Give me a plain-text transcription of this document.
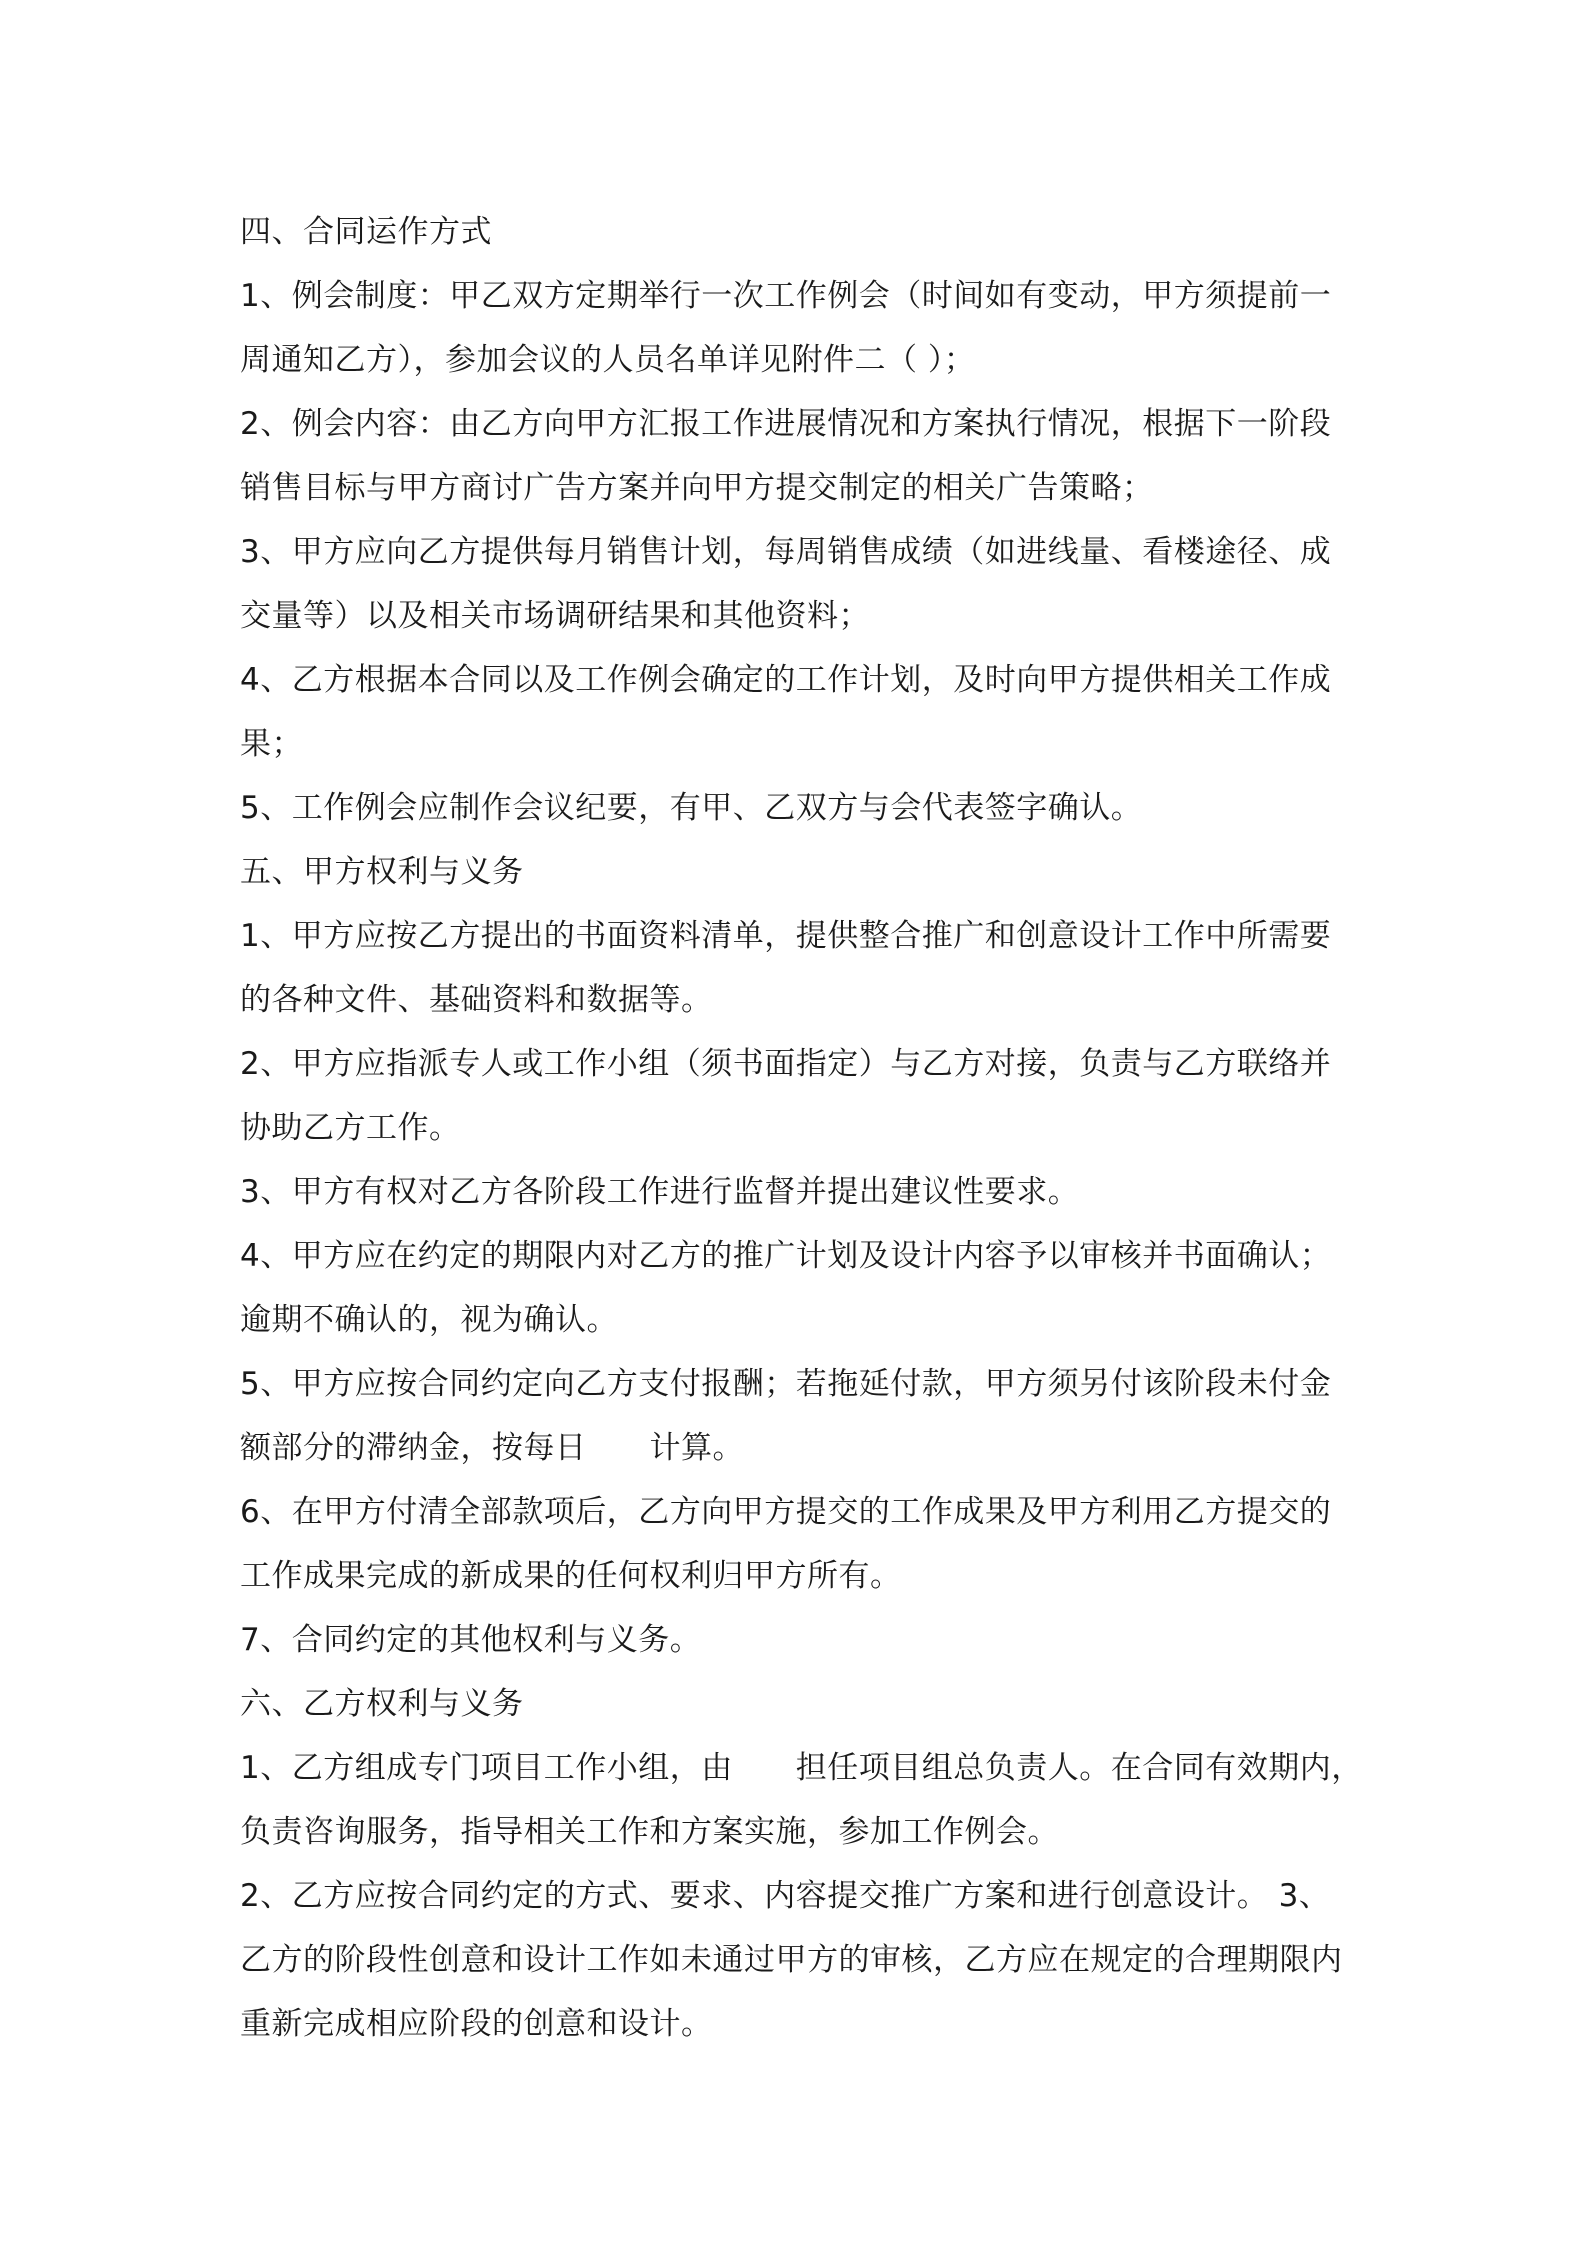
四、合同运作方式
1、例会制度：甲乙双方定期举行一次工作例会（时间如有变动，甲方须提前一
周通知乙方），参加会议的人员名单详见附件二（ ）；
2、例会内容：由乙方向甲方汇报工作进展情况和方案执行情况，根据下一阶段
销售目标与甲方商讨广告方案并向甲方提交制定的相关广告策略；
3、甲方应向乙方提供每月销售计划，每周销售成绩（如进线量、看楼途径、成
交量等）以及相关市场调研结果和其他资料；
4、乙方根据本合同以及工作例会确定的工作计划，及时向甲方提供相关工作成
果；
5、工作例会应制作会议纪要，有甲、乙双方与会代表签字确认。
五、甲方权利与义务
1、甲方应按乙方提出的书面资料清单，提供整合推广和创意设计工作中所需要
的各种文件、基础资料和数据等。
2、甲方应指派专人或工作小组（须书面指定）与乙方对接，负责与乙方联络并
协助乙方工作。
3、甲方有权对乙方各阶段工作进行监督并提出建议性要求。
4、甲方应在约定的期限内对乙方的推广计划及设计内容予以审核并书面确认；
逾期不确认的，视为确认。
5、甲方应按合同约定向乙方支付报酬；若拖延付款，甲方须另付该阶段未付金
额部分的滞纳金，按每日　　计算。
6、在甲方付清全部款项后，乙方向甲方提交的工作成果及甲方利用乙方提交的
工作成果完成的新成果的任何权利归甲方所有。
7、合同约定的其他权利与义务。
六、乙方权利与义务
1、乙方组成专门项目工作小组，由　　担任项目组总负责人。在合同有效期内，
负责咨询服务，指导相关工作和方案实施，参加工作例会。
2、乙方应按合同约定的方式、要求、内容提交推广方案和进行创意设计。 3、
乙方的阶段性创意和设计工作如未通过甲方的审核，乙方应在规定的合理期限内
重新完成相应阶段的创意和设计。
